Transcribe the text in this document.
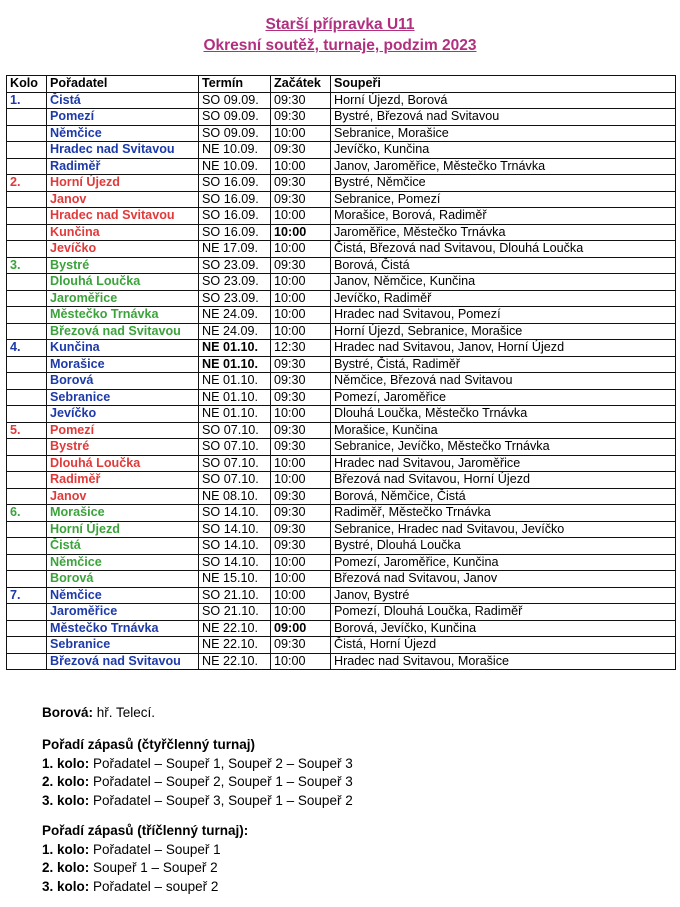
Starší přípravka U11
Okresní soutěž, turnaje, podzim 2023
Kolo	Pořadatel	Termín	Začátek	Soupeři
1.	Čistá	SO 09.09.	09:30	Horní Újezd, Borová
	Pomezí	SO 09.09.	09:30	Bystré, Březová nad Svitavou
	Němčice	SO 09.09.	10:00	Sebranice, Morašice
	Hradec nad Svitavou	NE 10.09.	09:30	Jevíčko, Kunčina
	Radiměř	NE 10.09.	10:00	Janov, Jaroměřice, Městečko Trnávka
2.	Horní Újezd	SO 16.09.	09:30	Bystré, Němčice
	Janov	SO 16.09.	09:30	Sebranice, Pomezí
	Hradec nad Svitavou	SO 16.09.	10:00	Morašice, Borová, Radiměř
	Kunčina	SO 16.09.	10:00	Jaroměřice, Městečko Trnávka
	Jevíčko	NE 17.09.	10:00	Čistá, Březová nad Svitavou, Dlouhá Loučka
3.	Bystré	SO 23.09.	09:30	Borová, Čistá
	Dlouhá Loučka	SO 23.09.	10:00	Janov, Němčice, Kunčina
	Jaroměřice	SO 23.09.	10:00	Jevíčko, Radiměř
	Městečko Trnávka	NE 24.09.	10:00	Hradec nad Svitavou, Pomezí
	Březová nad Svitavou	NE 24.09.	10:00	Horní Újezd, Sebranice, Morašice
4.	Kunčina	NE 01.10.	12:30	Hradec nad Svitavou, Janov, Horní Újezd
	Morašice	NE 01.10.	09:30	Bystré, Čistá, Radiměř
	Borová	NE 01.10.	09:30	Němčice, Březová nad Svitavou
	Sebranice	NE 01.10.	09:30	Pomezí, Jaroměřice
	Jevíčko	NE 01.10.	10:00	Dlouhá Loučka, Městečko Trnávka
5.	Pomezí	SO 07.10.	09:30	Morašice, Kunčina
	Bystré	SO 07.10.	09:30	Sebranice, Jevíčko, Městečko Trnávka
	Dlouhá Loučka	SO 07.10.	10:00	Hradec nad Svitavou, Jaroměřice
	Radiměř	SO 07.10.	10:00	Březová nad Svitavou, Horní Újezd
	Janov	NE 08.10.	09:30	Borová, Němčice, Čistá
6.	Morašice	SO 14.10.	09:30	Radiměř, Městečko Trnávka
	Horní Újezd	SO 14.10.	09:30	Sebranice, Hradec nad Svitavou, Jevíčko
	Čistá	SO 14.10.	09:30	Bystré, Dlouhá Loučka
	Němčice	SO 14.10.	10:00	Pomezí, Jaroměřice, Kunčina
	Borová	NE 15.10.	10:00	Březová nad Svitavou, Janov
7.	Němčice	SO 21.10.	10:00	Janov, Bystré
	Jaroměřice	SO 21.10.	10:00	Pomezí, Dlouhá Loučka, Radiměř
	Městečko Trnávka	NE 22.10.	09:00	Borová, Jevíčko, Kunčina
	Sebranice	NE 22.10.	09:30	Čistá, Horní Újezd
	Březová nad Svitavou	NE 22.10.	10:00	Hradec nad Svitavou, Morašice
Borová: hř. Telecí.
Pořadí zápasů (čtyřčlenný turnaj)
1. kolo: Pořadatel – Soupeř 1, Soupeř 2 – Soupeř 3
2. kolo: Pořadatel – Soupeř 2, Soupeř 1 – Soupeř 3
3. kolo: Pořadatel – Soupeř 3, Soupeř 1 – Soupeř 2
Pořadí zápasů (tříčlenný turnaj):
1. kolo: Pořadatel – Soupeř 1
2. kolo: Soupeř 1 – Soupeř 2
3. kolo: Pořadatel – soupeř 2
